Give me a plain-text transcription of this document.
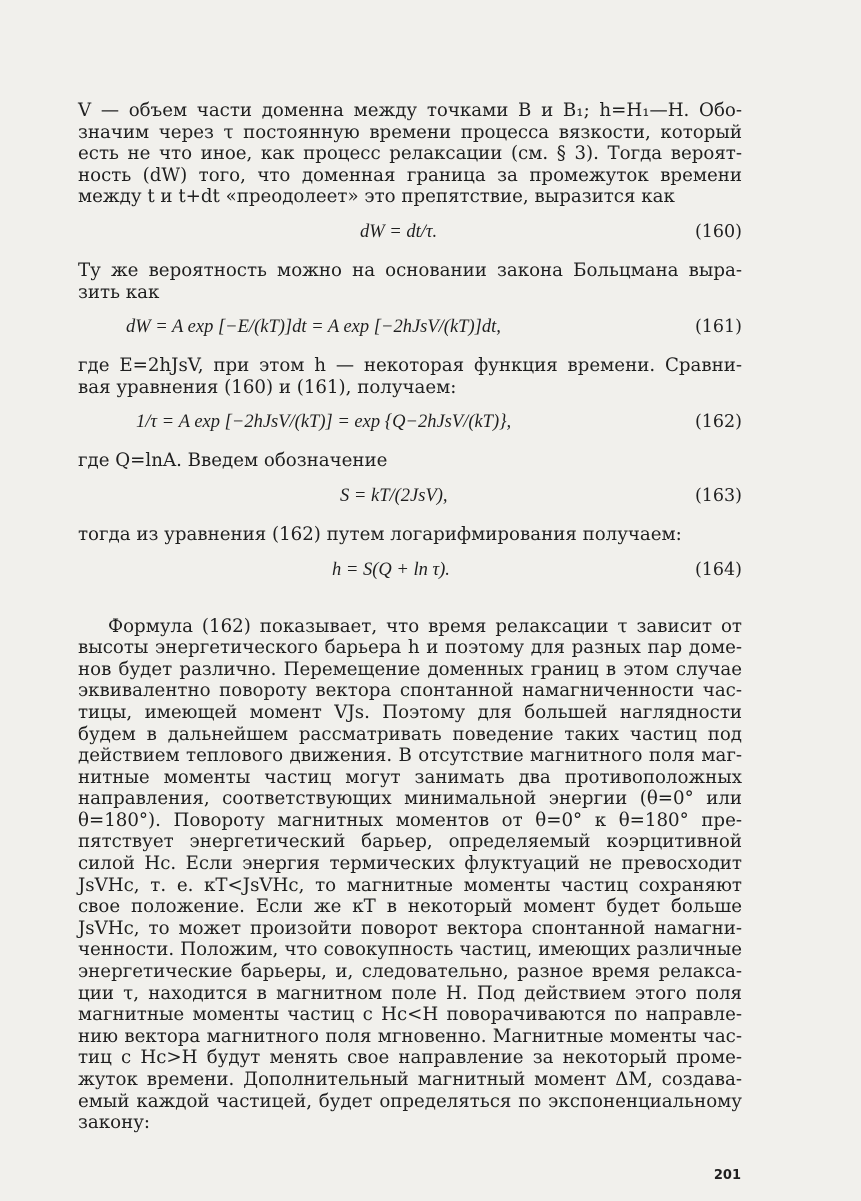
V — объем части доменна между точками B и B₁; h=H₁—H. Обо-
значим через τ постоянную времени процесса вязкости, который
есть не что иное, как процесс релаксации (см. § 3). Тогда вероят-
ность (dW) того, что доменная граница за промежуток времени
между t и t+dt «преодолеет» это препятствие, выразится как

dW = dt/τ.	(160)

Ту же вероятность можно на основании закона Больцмана выра-
зить как

dW = A exp [−E/(kT)]dt = A exp [−2hJsV/(kT)]dt,	(161)

где E=2hJsV, при этом h — некоторая функция времени. Сравни-
вая уравнения (160) и (161), получаем:

1/τ = A exp [−2hJsV/(kT)] = exp {Q−2hJsV/(kT)},	(162)

где Q=lnA. Введем обозначение

S = kT/(2JsV),	(163)

тогда из уравнения (162) путем логарифмирования получаем:

h = S(Q + ln τ).	(164)

Формула (162) показывает, что время релаксации τ зависит от
высоты энергетического барьера h и поэтому для разных пар доме-
нов будет различно. Перемещение доменных границ в этом случае
эквивалентно повороту вектора спонтанной намагниченности час-
тицы, имеющей момент VJs. Поэтому для большей наглядности
будем в дальнейшем рассматривать поведение таких частиц под
действием теплового движения. В отсутствие магнитного поля маг-
нитные моменты частиц могут занимать два противоположных
направления, соответствующих минимальной энергии (θ=0° или
θ=180°). Повороту магнитных моментов от θ=0° к θ=180° пре-
пятствует энергетический барьер, определяемый коэрцитивной
силой Hc. Если энергия термических флуктуаций не превосходит
JsVHc, т. е. кT<JsVHc, то магнитные моменты частиц сохраняют
свое положение. Если же кT в некоторый момент будет больше
JsVHc, то может произойти поворот вектора спонтанной намагни-
ченности. Положим, что совокупность частиц, имеющих различные
энергетические барьеры, и, следовательно, разное время релакса-
ции τ, находится в магнитном поле H. Под действием этого поля
магнитные моменты частиц с Hc<H поворачиваются по направле-
нию вектора магнитного поля мгновенно. Магнитные моменты час-
тиц с Hc>H будут менять свое направление за некоторый проме-
жуток времени. Дополнительный магнитный момент ΔM, создава-
емый каждой частицей, будет определяться по экспоненциальному
закону:

201
